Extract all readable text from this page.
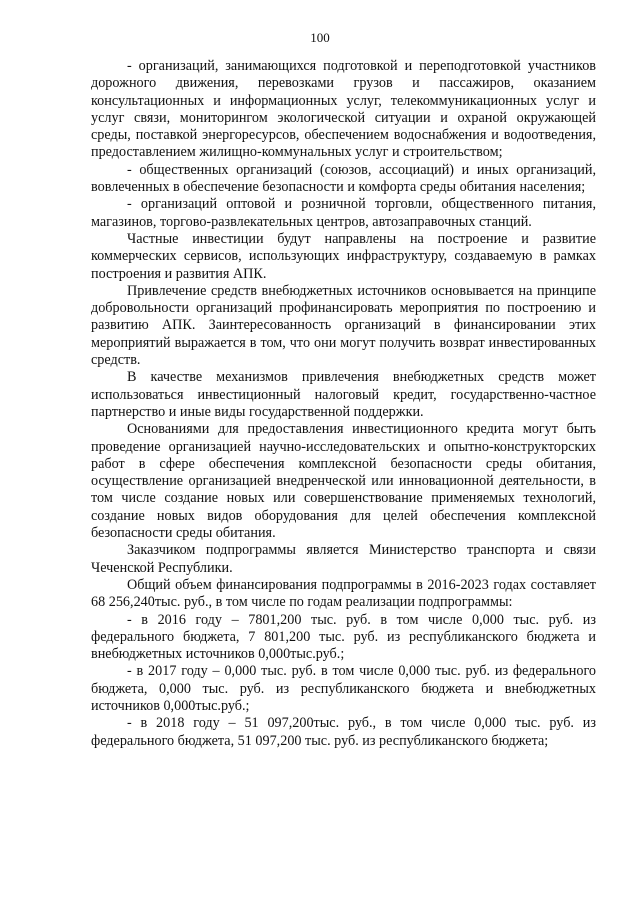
100

- организаций, занимающихся подготовкой и переподготовкой участников дорожного движения, перевозками грузов и пассажиров, оказанием консультационных и информационных услуг, телекоммуникационных услуг и услуг связи, мониторингом экологической ситуации и охраной окружающей среды, поставкой энергоресурсов, обеспечением водоснабжения и водоотведения, предоставлением жилищно-коммунальных услуг и строительством;

- общественных организаций (союзов, ассоциаций) и иных организаций, вовлеченных в обеспечение безопасности и комфорта среды обитания населения;

- организаций оптовой и розничной торговли, общественного питания, магазинов, торгово-развлекательных центров, автозаправочных станций.

Частные инвестиции будут направлены на построение и развитие коммерческих сервисов, использующих инфраструктуру, создаваемую в рамках построения и развития АПК.

Привлечение средств внебюджетных источников основывается на принципе добровольности организаций профинансировать мероприятия по построению и развитию АПК. Заинтересованность организаций в финансировании этих мероприятий выражается в том, что они могут получить возврат инвестированных средств.

В качестве механизмов привлечения внебюджетных средств может использоваться инвестиционный налоговый кредит, государственно-частное партнерство и иные виды государственной поддержки.

Основаниями для предоставления инвестиционного кредита могут быть проведение организацией научно-исследовательских и опытно-конструкторских работ в сфере обеспечения комплексной безопасности среды обитания, осуществление организацией внедренческой или инновационной деятельности, в том числе создание новых или совершенствование применяемых технологий, создание новых видов оборудования для целей обеспечения комплексной безопасности среды обитания.

Заказчиком подпрограммы является Министерство транспорта и связи Чеченской Республики.

Общий объем финансирования подпрограммы в 2016-2023 годах составляет 68 256,240тыс. руб., в том числе по годам реализации подпрограммы:

- в 2016 году – 7801,200 тыс. руб. в том числе 0,000 тыс. руб. из федерального бюджета, 7 801,200 тыс. руб. из республиканского бюджета и внебюджетных источников 0,000тыс.руб.;

- в 2017 году – 0,000 тыс. руб. в том числе 0,000 тыс. руб. из федерального бюджета, 0,000 тыс. руб. из республиканского бюджета и внебюджетных источников 0,000тыс.руб.;

- в 2018 году – 51 097,200тыс. руб., в том числе 0,000 тыс. руб. из федерального бюджета, 51 097,200 тыс. руб. из республиканского бюджета;
